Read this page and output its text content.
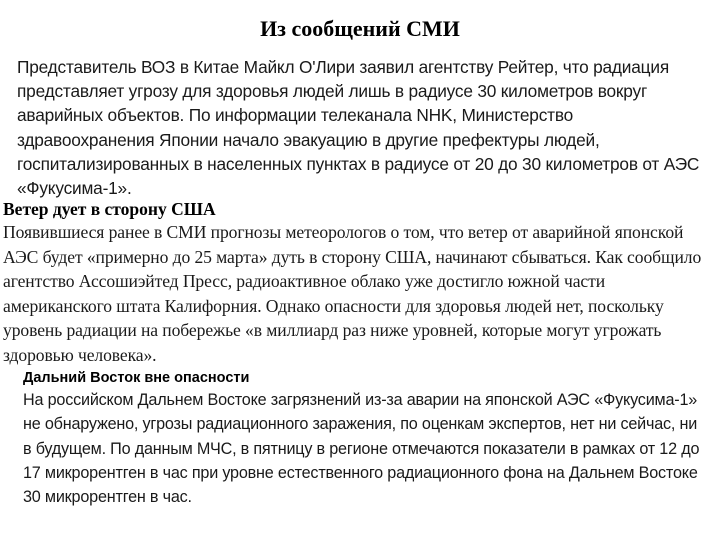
Из сообщений СМИ
Представитель ВОЗ в Китае Майкл О'Лири заявил агентству Рейтер, что радиация представляет угрозу для здоровья людей лишь в радиусе 30 километров вокруг аварийных объектов. По информации телеканала NHK, Министерство здравоохранения Японии начало эвакуацию в другие префектуры людей, госпитализированных в населенных пунктах в радиусе от 20 до 30 километров от АЭС «Фукусима-1».
Ветер дует в сторону США
Появившиеся ранее в СМИ прогнозы метеорологов о том, что ветер от аварийной японской АЭС будет «примерно до 25 марта» дуть в сторону США, начинают сбываться. Как сообщило агентство Ассошиэйтед Пресс, радиоактивное облако уже достигло южной части американского штата Калифорния. Однако опасности для здоровья людей нет, поскольку уровень радиации на побережье «в миллиард раз ниже уровней, которые могут угрожать здоровью человека».
Дальний Восток вне опасности
На российском Дальнем Востоке загрязнений из-за аварии на японской АЭС «Фукусима-1» не обнаружено, угрозы радиационного заражения, по оценкам экспертов, нет ни сейчас, ни в будущем. По данным МЧС, в пятницу в регионе отмечаются показатели в рамках от 12 до 17 микрорентген в час при уровне естественного радиационного фона на Дальнем Востоке 30 микрорентген в час.
